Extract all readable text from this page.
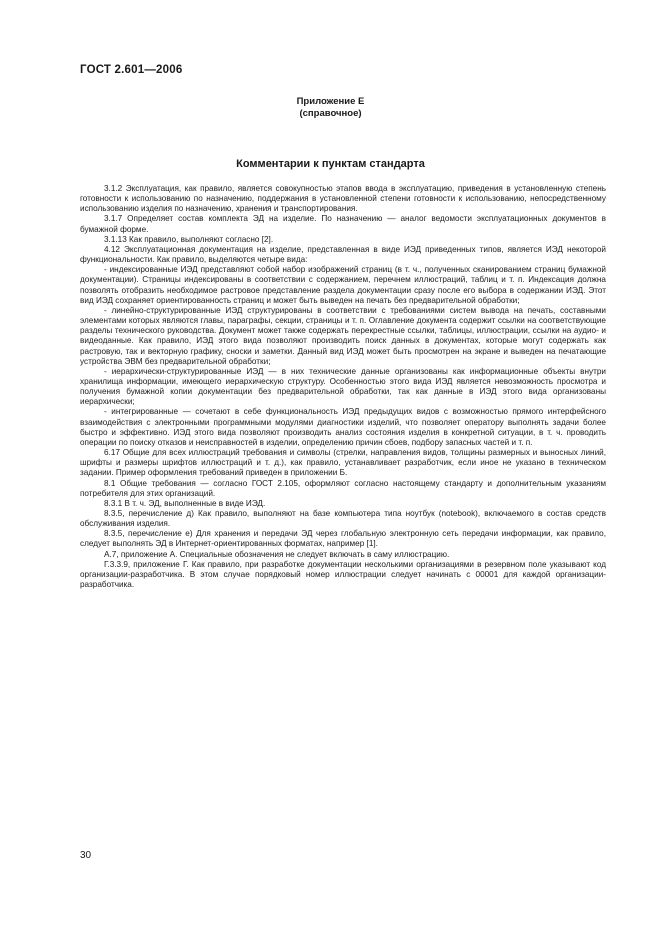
ГОСТ 2.601—2006
Приложение Е
(справочное)
Комментарии к пунктам стандарта

3.1.2 Эксплуатация, как правило, является совокупностью этапов ввода в эксплуатацию, приведения в установленную степень готовности к использованию по назначению, поддержания в установленной степени готовности к использованию, непосредственному использованию изделия по назначению, хранения и транспортирования.

3.1.7 Определяет состав комплекта ЭД на изделие. По назначению — аналог ведомости эксплуатационных документов в бумажной форме.

3.1.13 Как правило, выполняют согласно [2].

4.12 Эксплуатационная документация на изделие, представленная в виде ИЭД приведенных типов, является ИЭД некоторой функциональности. Как правило, выделяются четыре вида:

- индексированные ИЭД представляют собой набор изображений страниц (в т. ч., полученных сканированием страниц бумажной документации). Страницы индексированы в соответствии с содержанием, перечнем иллюстраций, таблиц и т. п. Индексация должна позволять отобразить необходимое растровое представление раздела документации сразу после его выбора в содержании ИЭД. Этот вид ИЭД сохраняет ориентированность страниц и может быть выведен на печать без предварительной обработки;

- линейно-структурированные ИЭД структурированы в соответствии с требованиями систем вывода на печать, составными элементами которых являются главы, параграфы, секции, страницы и т. п. Оглавление документа содержит ссылки на соответствующие разделы технического руководства. Документ может также содержать перекрестные ссылки, таблицы, иллюстрации, ссылки на аудио- и видеоданные. Как правило, ИЭД этого вида позволяют производить поиск данных в документах, которые могут содержать как растровую, так и векторную графику, сноски и заметки. Данный вид ИЭД может быть просмотрен на экране и выведен на печатающие устройства ЭВМ без предварительной обработки;

- иерархически-структурированные ИЭД — в них технические данные организованы как информационные объекты внутри хранилища информации, имеющего иерархическую структуру. Особенностью этого вида ИЭД является невозможность просмотра и получения бумажной копии документации без предварительной обработки, так как данные в ИЭД этого вида организованы иерархически;

- интегрированные — сочетают в себе функциональность ИЭД предыдущих видов с возможностью прямого интерфейсного взаимодействия с электронными программными модулями диагностики изделий, что позволяет оператору выполнять задачи более быстро и эффективно. ИЭД этого вида позволяют производить анализ состояния изделия в конкретной ситуации, в т. ч. проводить операции по поиску отказов и неисправностей в изделии, определению причин сбоев, подбору запасных частей и т. п.

6.17 Общие для всех иллюстраций требования и символы (стрелки, направления видов, толщины размерных и выносных линий, шрифты и размеры шрифтов иллюстраций и т. д.), как правило, устанавливает разработчик, если иное не указано в техническом задании. Пример оформления требований приведен в приложении Б.

8.1 Общие требования — согласно ГОСТ 2.105, оформляют согласно настоящему стандарту и дополнительным указаниям потребителя для этих организаций.

8.3.1 В т. ч. ЭД, выполненные в виде ИЭД.

8.3.5, перечисление д) Как правило, выполняют на базе компьютера типа ноутбук (notebook), включаемого в состав средств обслуживания изделия.

8.3.5, перечисление е) Для хранения и передачи ЭД через глобальную электронную сеть передачи информации, как правило, следует выполнять ЭД в Интернет-ориентированных форматах, например [1].

А.7, приложение А. Специальные обозначения не следует включать в саму иллюстрацию.

Г.3.3.9, приложение Г. Как правило, при разработке документации несколькими организациями в резервном поле указывают код организации-разработчика. В этом случае порядковый номер иллюстрации следует начинать с 00001 для каждой организации-разработчика.

30
